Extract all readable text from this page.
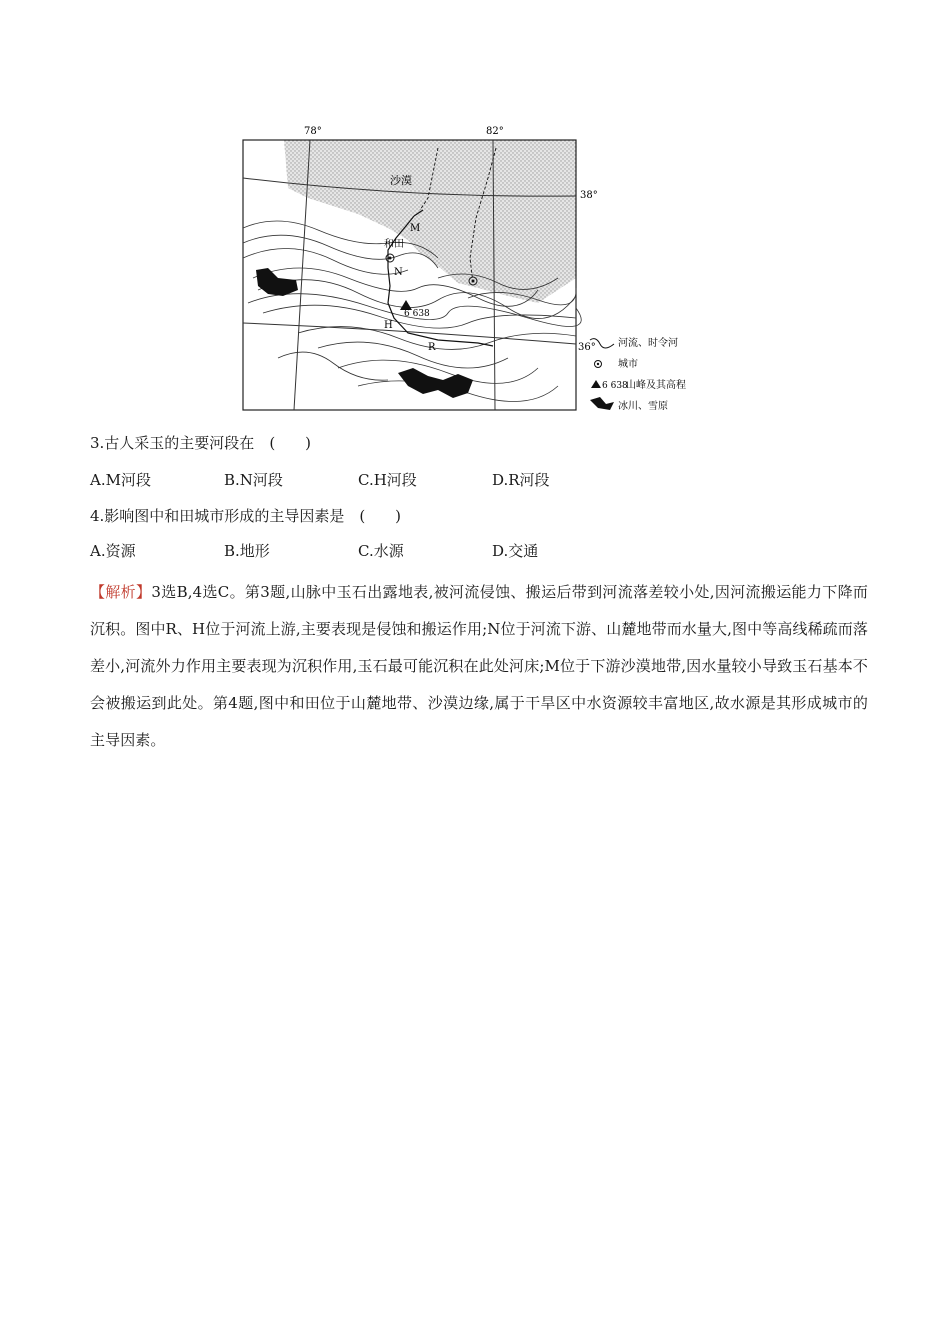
沙漠
78°	82°
38°
36°
和田
M
N
H
R
6 638
河流、时令河
城市
6 638
山峰及其高程
冰川、雪原
3.古人采玉的主要河段在　(　　)
A.M河段	B.N河段	C.H河段	D.R河段
4.影响图中和田城市形成的主导因素是　(　　)
A.资源	B.地形	C.水源	D.交通
【解析】3选B,4选C。第3题,山脉中玉石出露地表,被河流侵蚀、搬运后带到河流落差较小处,因河流搬运能力下降而沉积。图中R、H位于河流上游,主要表现是侵蚀和搬运作用;N位于河流下游、山麓地带而水量大,图中等高线稀疏而落差小,河流外力作用主要表现为沉积作用,玉石最可能沉积在此处河床;M位于下游沙漠地带,因水量较小导致玉石基本不会被搬运到此处。第4题,图中和田位于山麓地带、沙漠边缘,属于干旱区中水资源较丰富地区,故水源是其形成城市的主导因素。
